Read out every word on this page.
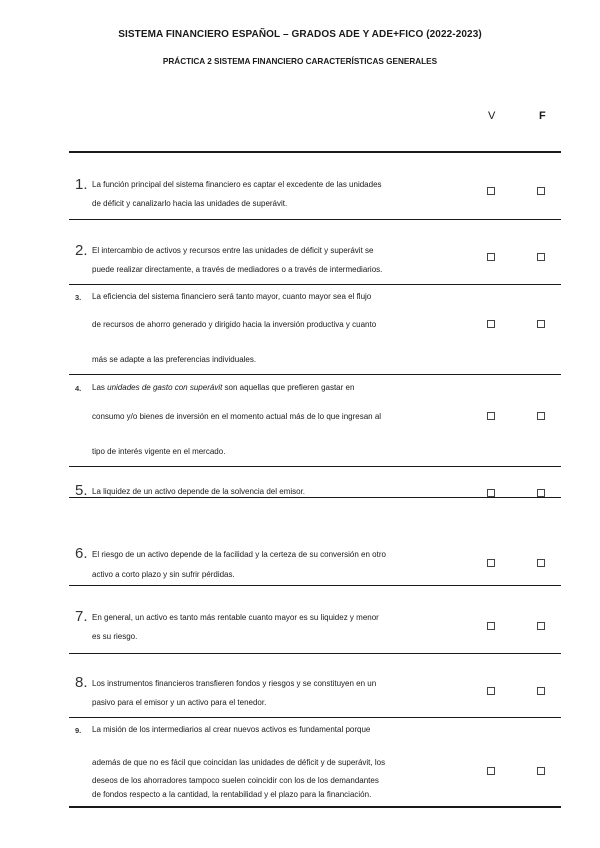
SISTEMA FINANCIERO ESPAÑOL – GRADOS ADE Y ADE+FICO (2022-2023)
PRÁCTICA 2 SISTEMA FINANCIERO CARACTERÍSTICAS GENERALES
V	F
1. La función principal del sistema financiero es captar el excedente de las unidades
de déficit y canalizarlo hacia las unidades de superávit.
2. El intercambio de activos y recursos entre las unidades de déficit y superávit se
puede realizar directamente, a través de mediadores o a través de intermediarios.
3. La eficiencia del sistema financiero será tanto mayor, cuanto mayor sea el flujo
de recursos de ahorro generado y dirigido hacia la inversión productiva y cuanto
más se adapte a las preferencias individuales.
4. Las unidades de gasto con superávit son aquellas que prefieren gastar en
consumo y/o bienes de inversión en el momento actual más de lo que ingresan al
tipo de interés vigente en el mercado.
5. La liquidez de un activo depende de la solvencia del emisor.
6. El riesgo de un activo depende de la facilidad y la certeza de su conversión en otro
activo a corto plazo y sin sufrir pérdidas.
7. En general, un activo es tanto más rentable cuanto mayor es su liquidez y menor
es su riesgo.
8. Los instrumentos financieros transfieren fondos y riesgos y se constituyen en un
pasivo para el emisor y un activo para el tenedor.
9. La misión de los intermediarios al crear nuevos activos es fundamental porque
además de que no es fácil que coincidan las unidades de déficit y de superávit, los
deseos de los ahorradores tampoco suelen coincidir con los de los demandantes
de fondos respecto a la cantidad, la rentabilidad y el plazo para la financiación.
